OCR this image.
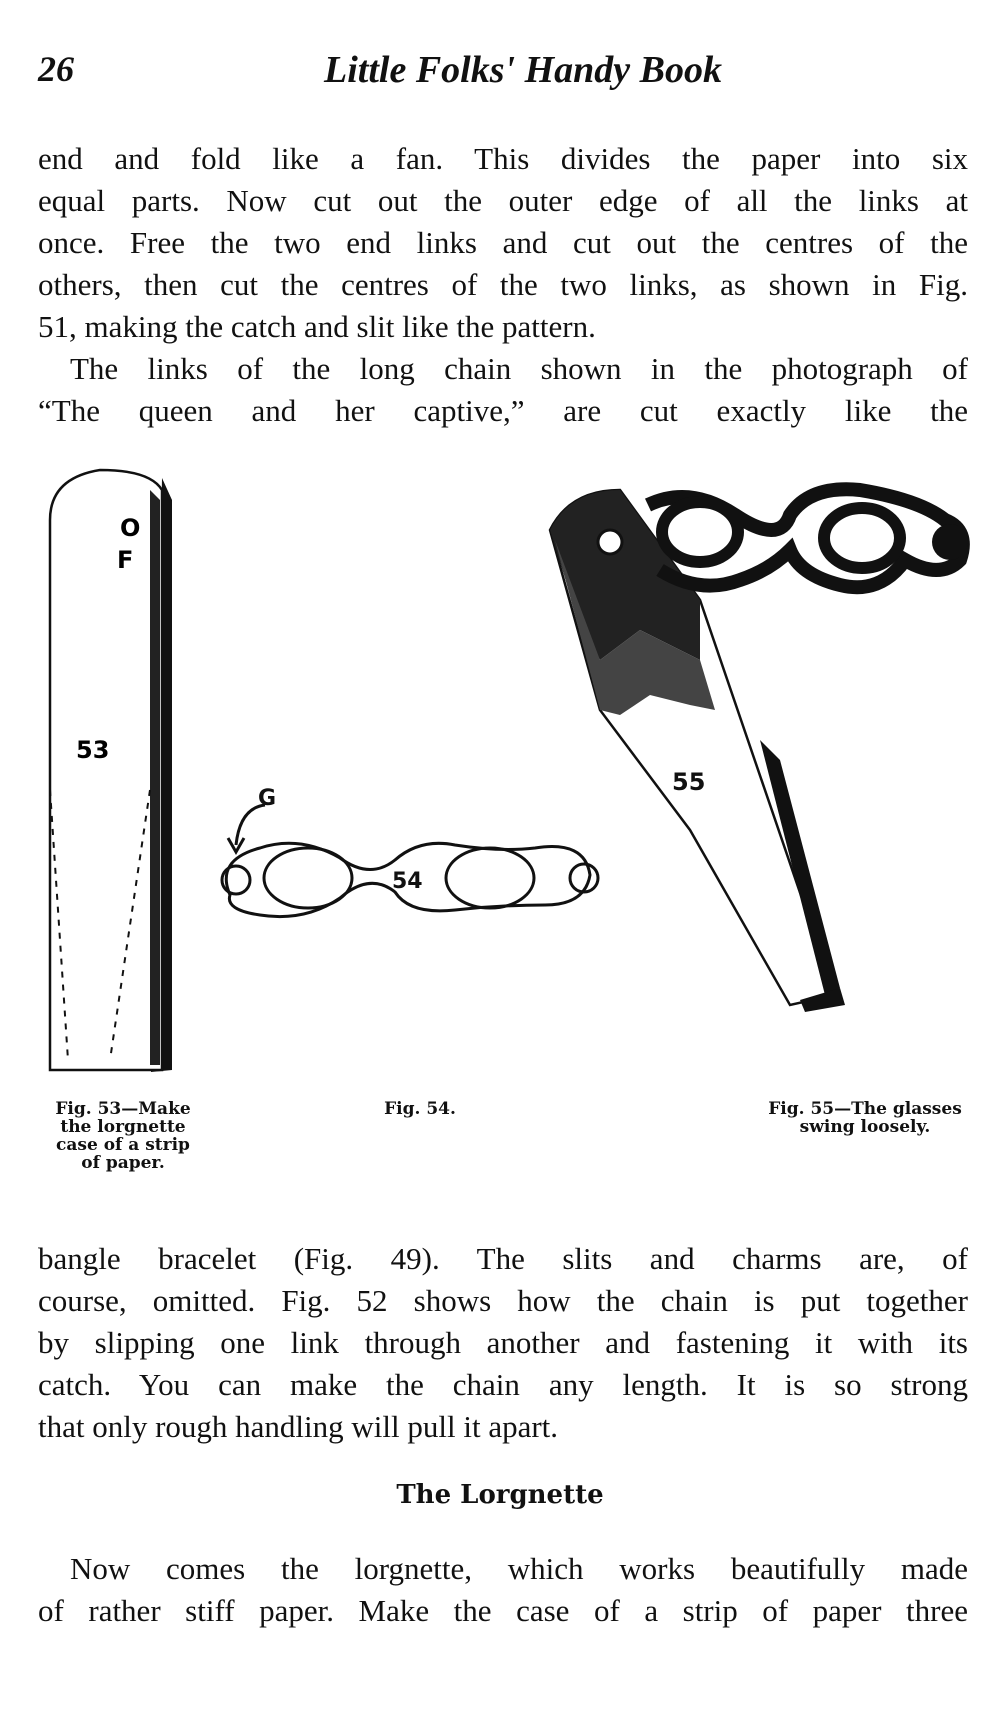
26	Little Folks' Handy Book
end and fold like a fan. This divides the paper into six
equal parts. Now cut out the outer edge of all the links at
once. Free the two end links and cut out the centres of the
others, then cut the centres of the two links, as shown in Fig.
51, making the catch and slit like the pattern.
The links of the long chain shown in the photograph of
“The queen and her captive,” are cut exactly like the
O
F
53
G
54
55
Fig. 53—Make
the lorgnette
case of a strip
of paper.
Fig. 54.	Fig. 55—The glasses
swing loosely.
bangle bracelet (Fig. 49). The slits and charms are, of
course, omitted. Fig. 52 shows how the chain is put together
by slipping one link through another and fastening it with its
catch. You can make the chain any length. It is so strong
that only rough handling will pull it apart.
The Lorgnette
Now comes the lorgnette, which works beautifully made
of rather stiff paper. Make the case of a strip of paper three
